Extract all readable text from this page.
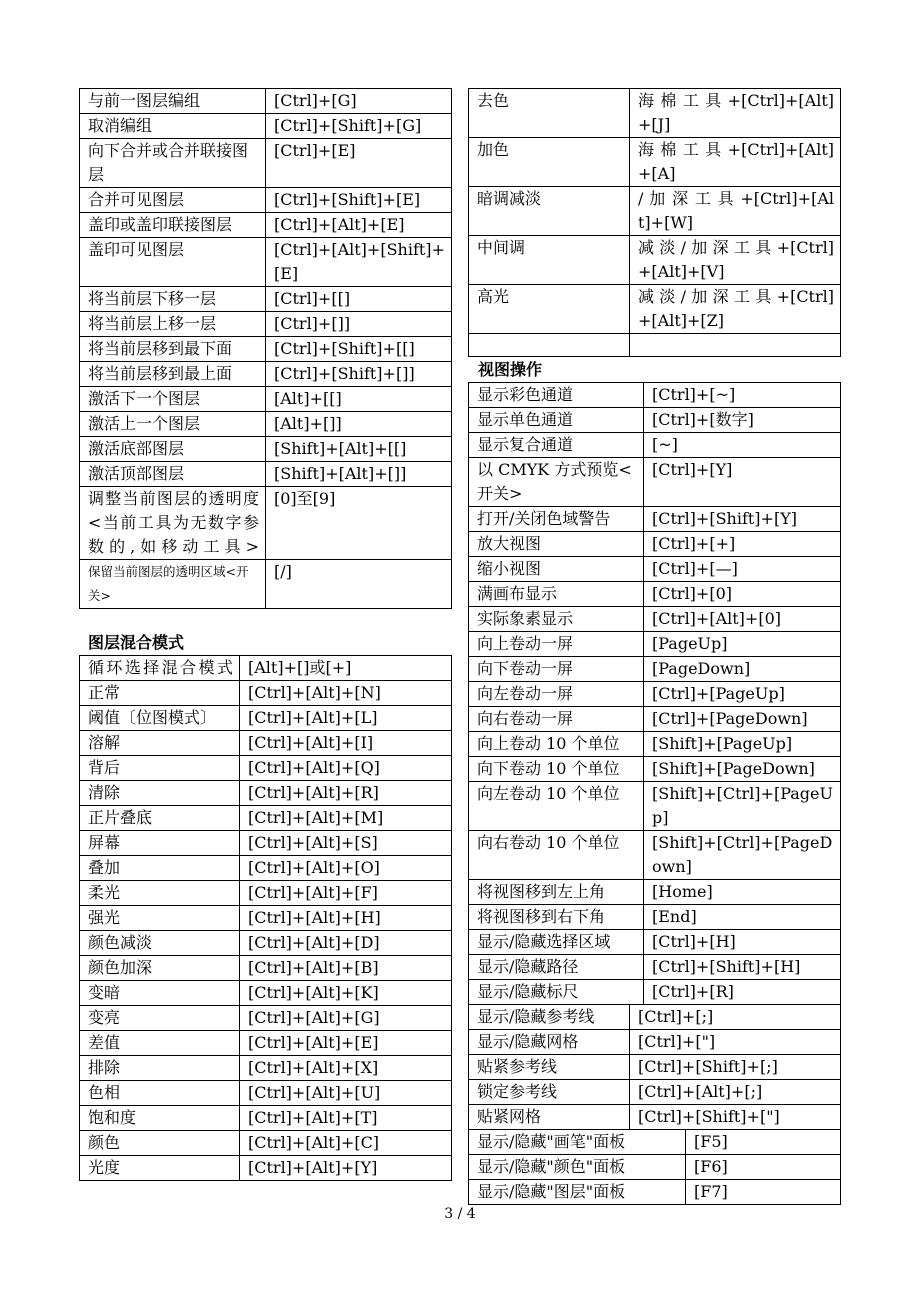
与前一图层编组	[Ctrl]+[G]
取消编组	[Ctrl]+[Shift]+[G]
向下合并或合并联接图层	[Ctrl]+[E]
合并可见图层	[Ctrl]+[Shift]+[E]
盖印或盖印联接图层	[Ctrl]+[Alt]+[E]
盖印可见图层	[Ctrl]+[Alt]+[Shift]+[E]
将当前层下移一层	[Ctrl]+[[]
将当前层上移一层	[Ctrl]+[]]
将当前层移到最下面	[Ctrl]+[Shift]+[[]
将当前层移到最上面	[Ctrl]+[Shift]+[]]
激活下一个图层	[Alt]+[[]
激活上一个图层	[Alt]+[]]
激活底部图层	[Shift]+[Alt]+[[]
激活顶部图层	[Shift]+[Alt]+[]]
调整当前图层的透明度<当前工具为无数字参数的,如移动工具>	[0]至[9]
保留当前图层的透明区域<开关>	[/]
图层混合模式
循环选择混合模式	[Alt]+[]或[+]
正常	[Ctrl]+[Alt]+[N]
阈值〔位图模式〕	[Ctrl]+[Alt]+[L]
溶解	[Ctrl]+[Alt]+[I]
背后	[Ctrl]+[Alt]+[Q]
清除	[Ctrl]+[Alt]+[R]
正片叠底	[Ctrl]+[Alt]+[M]
屏幕	[Ctrl]+[Alt]+[S]
叠加	[Ctrl]+[Alt]+[O]
柔光	[Ctrl]+[Alt]+[F]
强光	[Ctrl]+[Alt]+[H]
颜色减淡	[Ctrl]+[Alt]+[D]
颜色加深	[Ctrl]+[Alt]+[B]
变暗	[Ctrl]+[Alt]+[K]
变亮	[Ctrl]+[Alt]+[G]
差值	[Ctrl]+[Alt]+[E]
排除	[Ctrl]+[Alt]+[X]
色相	[Ctrl]+[Alt]+[U]
饱和度	[Ctrl]+[Alt]+[T]
颜色	[Ctrl]+[Alt]+[C]
光度	[Ctrl]+[Alt]+[Y]
去色	海 棉 工 具 +[Ctrl]+[Alt]+[J]
加色	海 棉 工 具 +[Ctrl]+[Alt]+[A]
暗调减淡	/ 加 深 工 具 +[Ctrl]+[Alt]+[W]
中间调	减 淡 / 加 深 工 具 +[Ctrl]+[Alt]+[V]
高光	减 淡 / 加 深 工 具 +[Ctrl]+[Alt]+[Z]

视图操作
显示彩色通道	[Ctrl]+[~]
显示单色通道	[Ctrl]+[数字]
显示复合通道	[~]
以 CMYK 方式预览<开关>	[Ctrl]+[Y]
打开/关闭色域警告	[Ctrl]+[Shift]+[Y]
放大视图	[Ctrl]+[+]
缩小视图	[Ctrl]+[—]
满画布显示	[Ctrl]+[0]
实际象素显示	[Ctrl]+[Alt]+[0]
向上卷动一屏	[PageUp]
向下卷动一屏	[PageDown]
向左卷动一屏	[Ctrl]+[PageUp]
向右卷动一屏	[Ctrl]+[PageDown]
向上卷动 10 个单位	[Shift]+[PageUp]
向下卷动 10 个单位	[Shift]+[PageDown]
向左卷动 10 个单位	[Shift]+[Ctrl]+[PageUp]
向右卷动 10 个单位	[Shift]+[Ctrl]+[PageDown]
将视图移到左上角	[Home]
将视图移到右下角	[End]
显示/隐藏选择区域	[Ctrl]+[H]
显示/隐藏路径	[Ctrl]+[Shift]+[H]
显示/隐藏标尺	[Ctrl]+[R]
显示/隐藏参考线	[Ctrl]+[;]
显示/隐藏网格	[Ctrl]+["]
贴紧参考线	[Ctrl]+[Shift]+[;]
锁定参考线	[Ctrl]+[Alt]+[;]
贴紧网格	[Ctrl]+[Shift]+["]
显示/隐藏"画笔"面板	[F5]
显示/隐藏"颜色"面板	[F6]
显示/隐藏"图层"面板	[F7]
3 / 4
